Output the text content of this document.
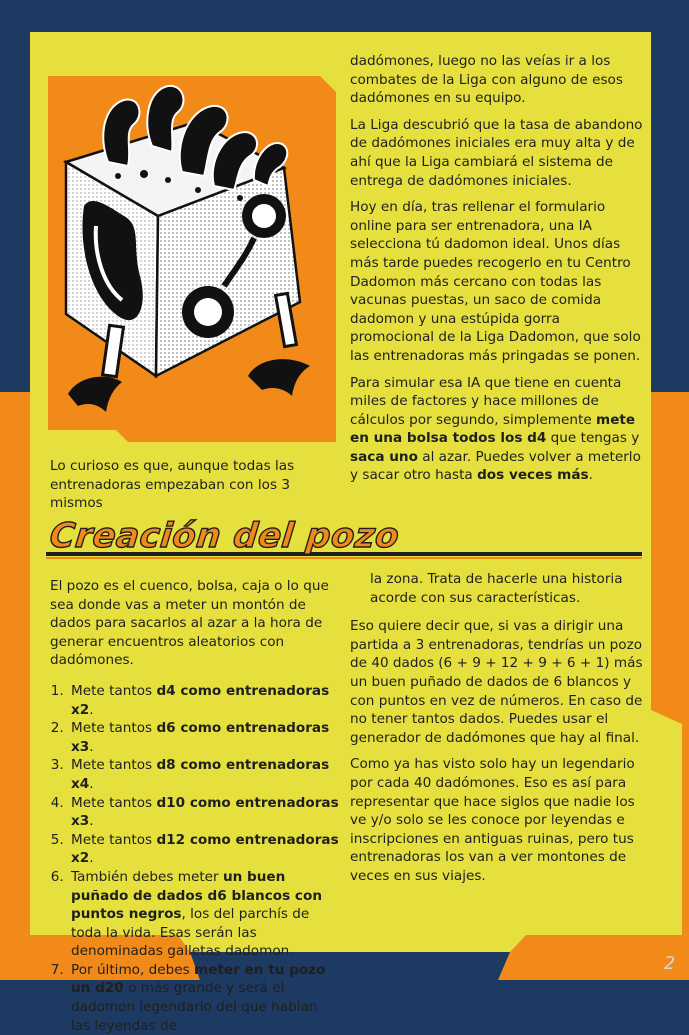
dadómones, luego no las veías ir a los combates de la Liga con alguno de esos dadómones en su equipo.

La Liga descubrió que la tasa de abandono de dadómones iniciales era muy alta y de ahí que la Liga cambiará el sistema de entrega de dadómones iniciales.

Hoy en día, tras rellenar el formulario online para ser entrenadora, una IA selecciona tú dadomon ideal. Unos días más tarde puedes recogerlo en tu Centro Dadomon más cercano con todas las vacunas puestas, un saco de comida dadomon y una estúpida gorra promocional de la Liga Dadomon, que solo las entrenadoras más pringadas se ponen.

Para simular esa IA que tiene en cuenta miles de factores y hace millones de cálculos por segundo, simplemente mete en una bolsa todos los d4 que tengas y saca uno al azar. Puedes volver a meterlo y sacar otro hasta dos veces más.

Lo curioso es que, aunque todas las entrenadoras empezaban con los 3 mismos
Creación del pozo

El pozo es el cuenco, bolsa, caja o lo que sea donde vas a meter un montón de dados para sacarlos al azar a la hora de generar encuentros aleatorios con dadómones.

1. Mete tantos d4 como entrenadoras x2.
2. Mete tantos d6 como entrenadoras x3.
3. Mete tantos d8 como entrenadoras x4.
4. Mete tantos d10 como entrenadoras x3.
5. Mete tantos d12 como entrenadoras x2.
6. También debes meter un buen puñado de dados d6 blancos con puntos negros, los del parchís de toda la vida. Esas serán las denominadas galletas dadomon.
7. Por último, debes meter en tu pozo un d20 o más grande y será el dadomon legendario del que hablan las leyendas de

la zona. Trata de hacerle una historia acorde con sus características.

Eso quiere decir que, si vas a dirigir una partida a 3 entrenadoras, tendrías un pozo de 40 dados (6 + 9 + 12 + 9 + 6 + 1) más un buen puñado de dados de 6 blancos y con puntos en vez de números. En caso de no tener tantos dados. Puedes usar el generador de dadómones que hay al final.

Como ya has visto solo hay un legendario por cada 40 dadómones. Eso es así para representar que hace siglos que nadie los ve y/o solo se les conoce por leyendas e inscripciones en antiguas ruinas, pero tus entrenadoras los van a ver montones de veces en sus viajes.

2
